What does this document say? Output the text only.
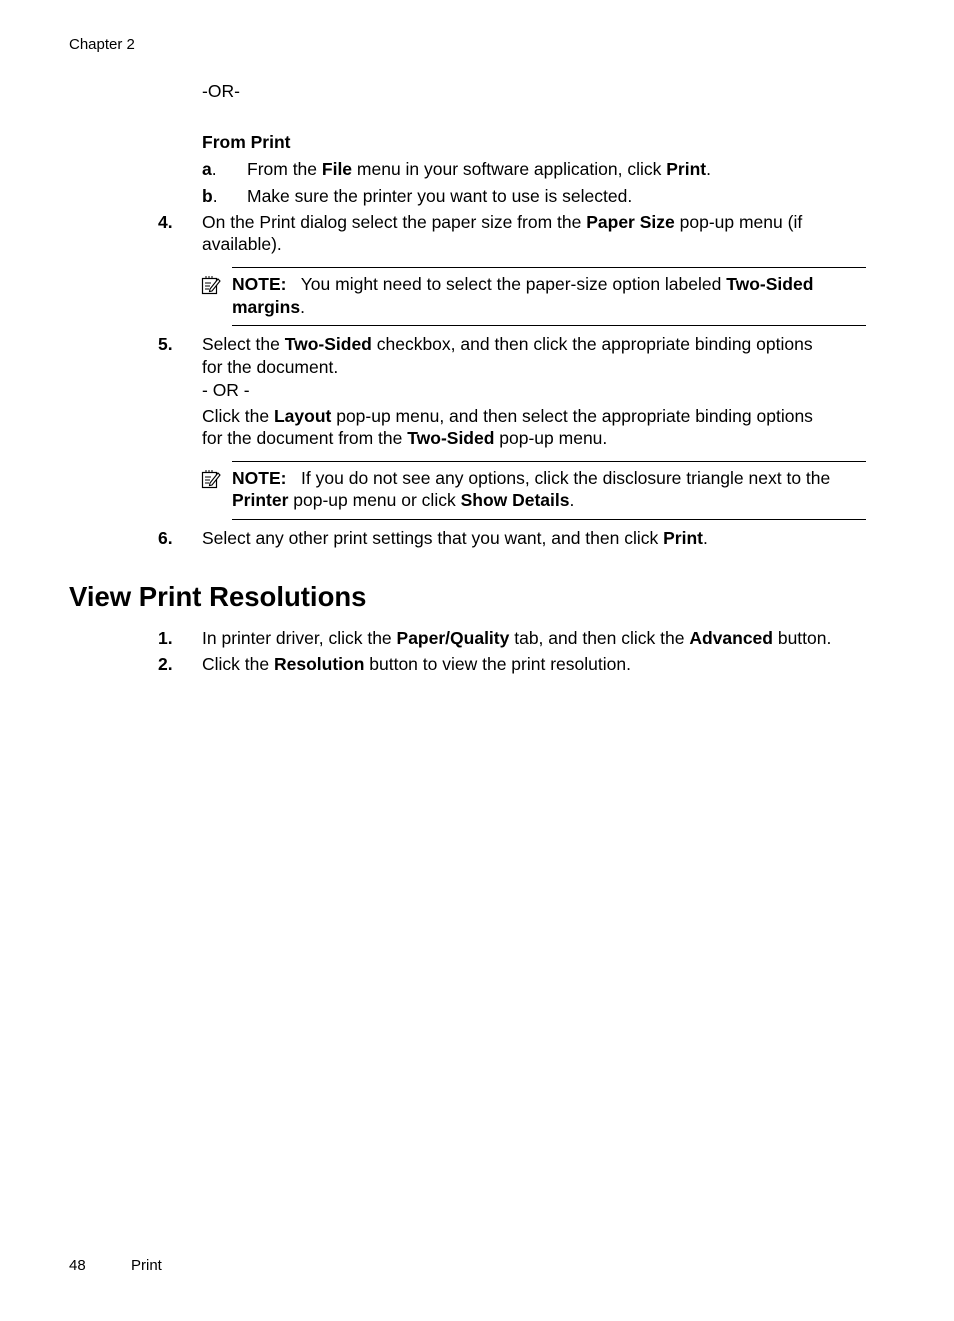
Chapter 2
-OR-
From Print
a. From the File menu in your software application, click Print.
b. Make sure the printer you want to use is selected.
4. On the Print dialog select the paper size from the Paper Size pop-up menu (if
available).
NOTE: You might need to select the paper-size option labeled Two-Sided
margins.
5. Select the Two-Sided checkbox, and then click the appropriate binding options
for the document.
- OR -
Click the Layout pop-up menu, and then select the appropriate binding options
for the document from the Two-Sided pop-up menu.
NOTE: If you do not see any options, click the disclosure triangle next to the
Printer pop-up menu or click Show Details.
6. Select any other print settings that you want, and then click Print.
View Print Resolutions
1. In printer driver, click the Paper/Quality tab, and then click the Advanced button.
2. Click the Resolution button to view the print resolution.
48	Print
